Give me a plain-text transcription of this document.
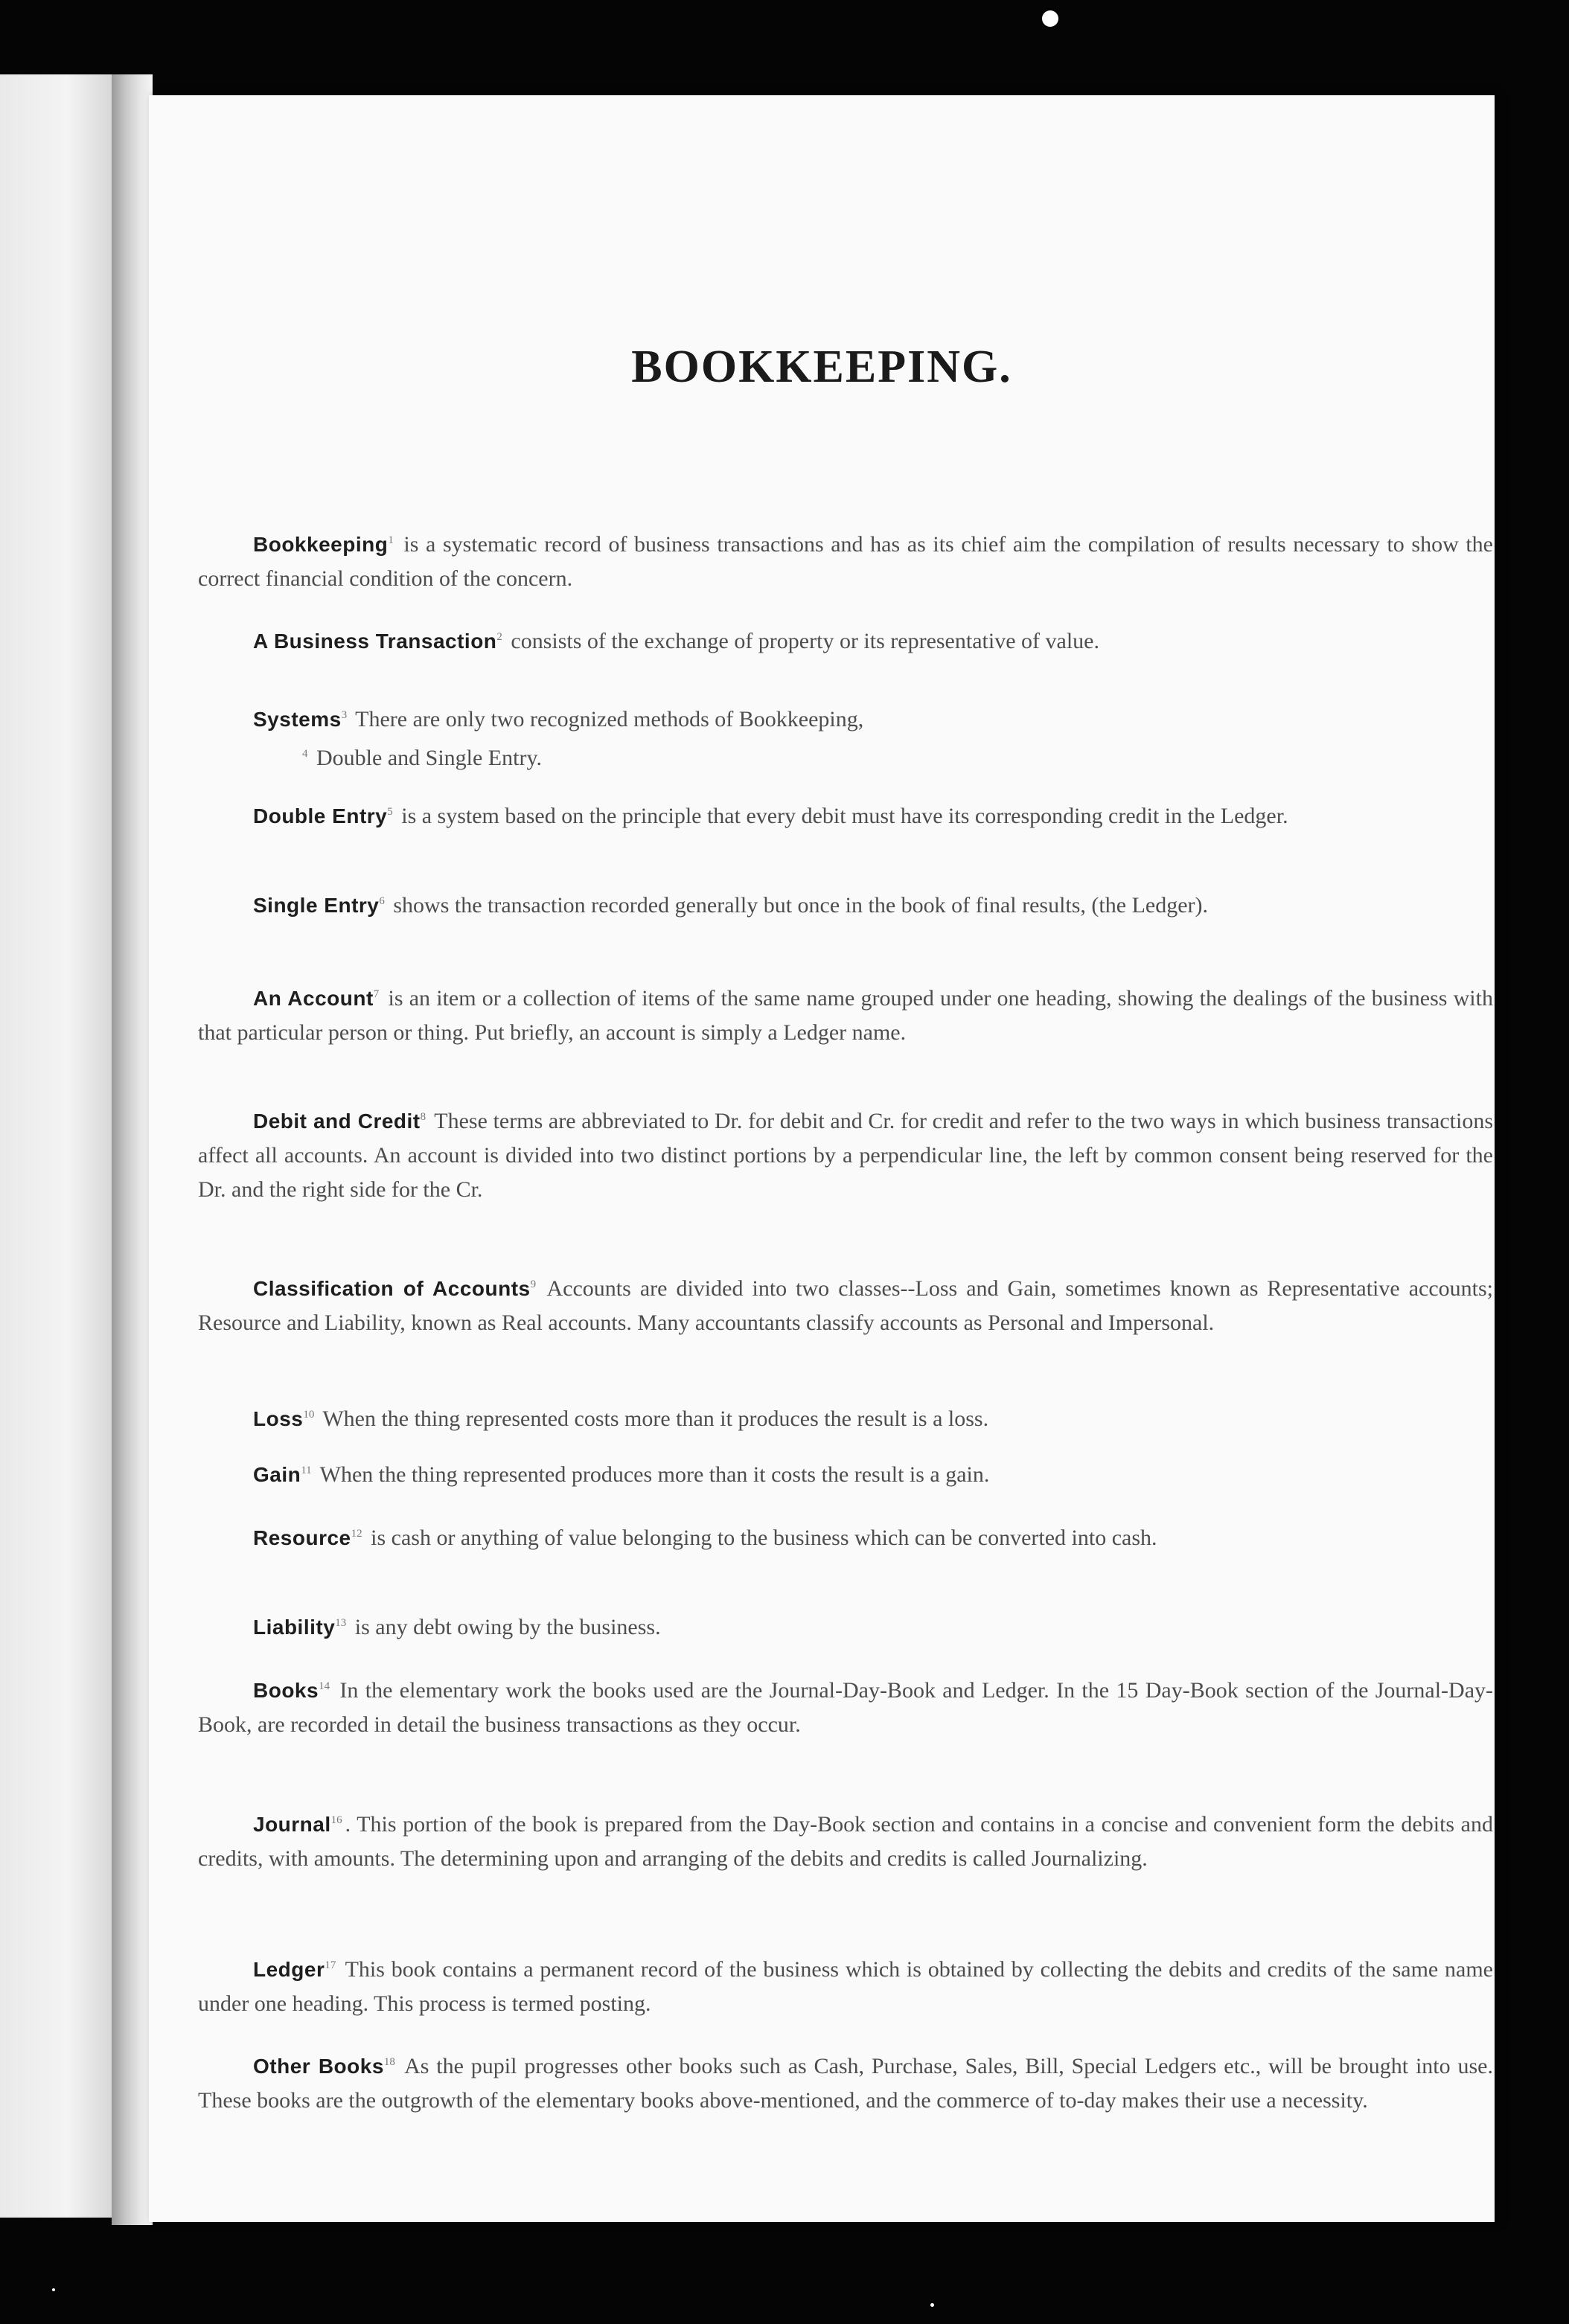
BOOKKEEPING.

Bookkeeping$^1$ is a systematic record of business transactions and has as its chief aim the compilation of results necessary to show the correct financial condition of the concern.

A Business Transaction$^2$ consists of the exchange of property or its representative of value.

Systems$^3$ There are only two recognized methods of Bookkeeping,
$^4$ Double and Single Entry.

Double Entry$^5$ is a system based on the principle that every debit must have its corresponding credit in the Ledger.

Single Entry$^6$ shows the transaction recorded generally but once in the book of final results, (the Ledger).

An Account$^7$ is an item or a collection of items of the same name grouped under one heading, showing the dealings of the business with that particular person or thing. Put briefly, an account is simply a Ledger name.

Debit and Credit$^8$ These terms are abbreviated to Dr. for debit and Cr. for credit and refer to the two ways in which business transactions affect all accounts. An account is divided into two distinct portions by a perpendicular line, the left by common consent being reserved for the Dr. and the right side for the Cr.

Classification of Accounts$^9$ Accounts are divided into two classes--Loss and Gain, sometimes known as Representative accounts; Resource and Liability, known as Real accounts. Many accountants classify accounts as Personal and Impersonal.

Loss$^{10}$ When the thing represented costs more than it produces the result is a loss.

Gain$^{11}$ When the thing represented produces more than it costs the result is a gain.

Resource$^{12}$ is cash or anything of value belonging to the business which can be converted into cash.

Liability$^{13}$ is any debt owing by the business.

Books$^{14}$ In the elementary work the books used are the Journal-Day-Book and Ledger. In the 15 Day-Book section of the Journal-Day-Book, are recorded in detail the business transactions as they occur.

Journal$^{16}$ . This portion of the book is prepared from the Day-Book section and contains in a concise and convenient form the debits and credits, with amounts. The determining upon and arranging of the debits and credits is called Journalizing.

Ledger$^{17}$ This book contains a permanent record of the business which is obtained by collecting the debits and credits of the same name under one heading. This process is termed posting.

Other Books$^{18}$ As the pupil progresses other books such as Cash, Purchase, Sales, Bill, Special Ledgers etc., will be brought into use. These books are the outgrowth of the elementary books above-mentioned, and the commerce of to-day makes their use a necessity.
